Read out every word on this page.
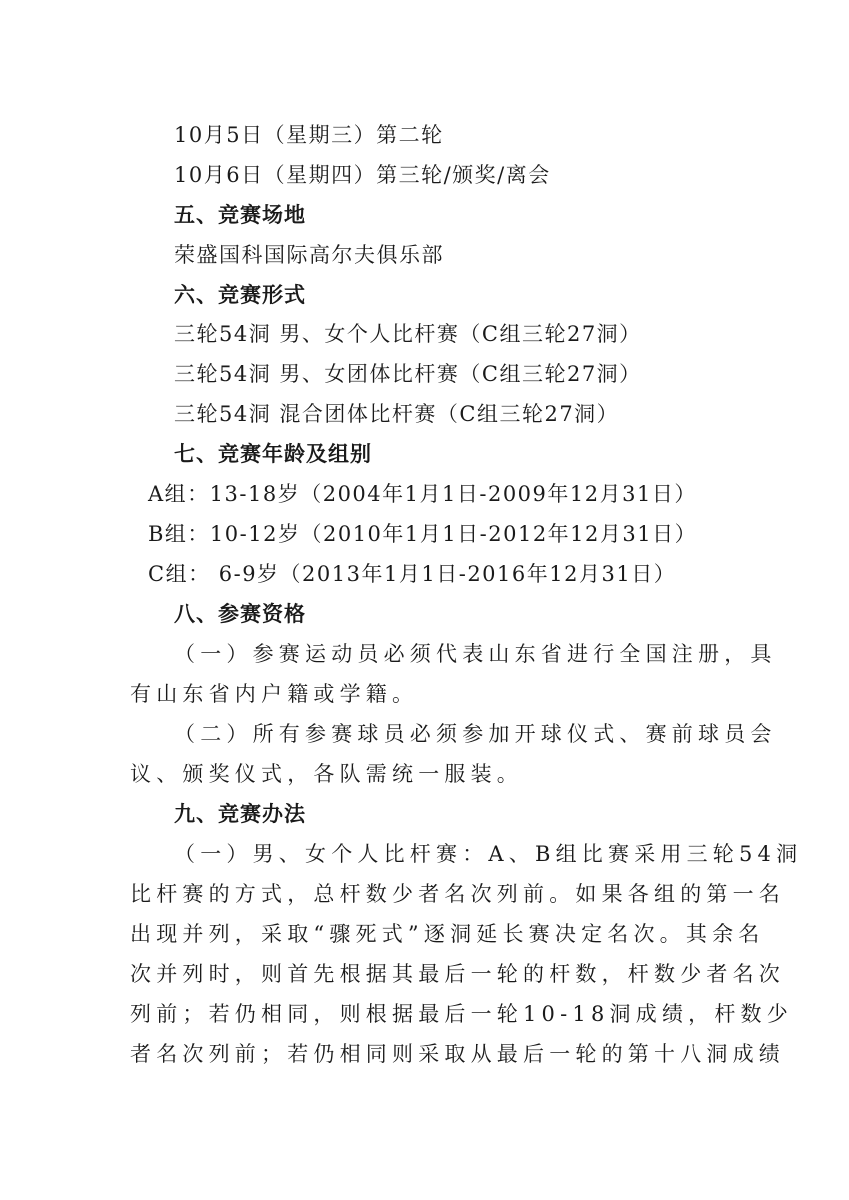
10月5日（星期三）第二轮
10月6日（星期四）第三轮/颁奖/离会
五、竞赛场地
荣盛国科国际高尔夫俱乐部
六、竞赛形式
三轮54洞 男、女个人比杆赛（C组三轮27洞）
三轮54洞 男、女团体比杆赛（C组三轮27洞）
三轮54洞 混合团体比杆赛（C组三轮27洞）
七、竞赛年龄及组别
A组：13-18岁（2004年1月1日-2009年12月31日）
B组：10-12岁（2010年1月1日-2012年12月31日）
C组： 6-9岁（2013年1月1日-2016年12月31日）
八、参赛资格
（一）参赛运动员必须代表山东省进行全国注册，具
有山东省内户籍或学籍。
（二）所有参赛球员必须参加开球仪式、赛前球员会
议、颁奖仪式，各队需统一服装。
九、竞赛办法
（一）男、女个人比杆赛：A、B组比赛采用三轮54洞
比杆赛的方式，总杆数少者名次列前。如果各组的第一名
出现并列，采取“骤死式”逐洞延长赛决定名次。其余名
次并列时，则首先根据其最后一轮的杆数，杆数少者名次
列前；若仍相同，则根据最后一轮10-18洞成绩，杆数少
者名次列前；若仍相同则采取从最后一轮的第十八洞成绩
